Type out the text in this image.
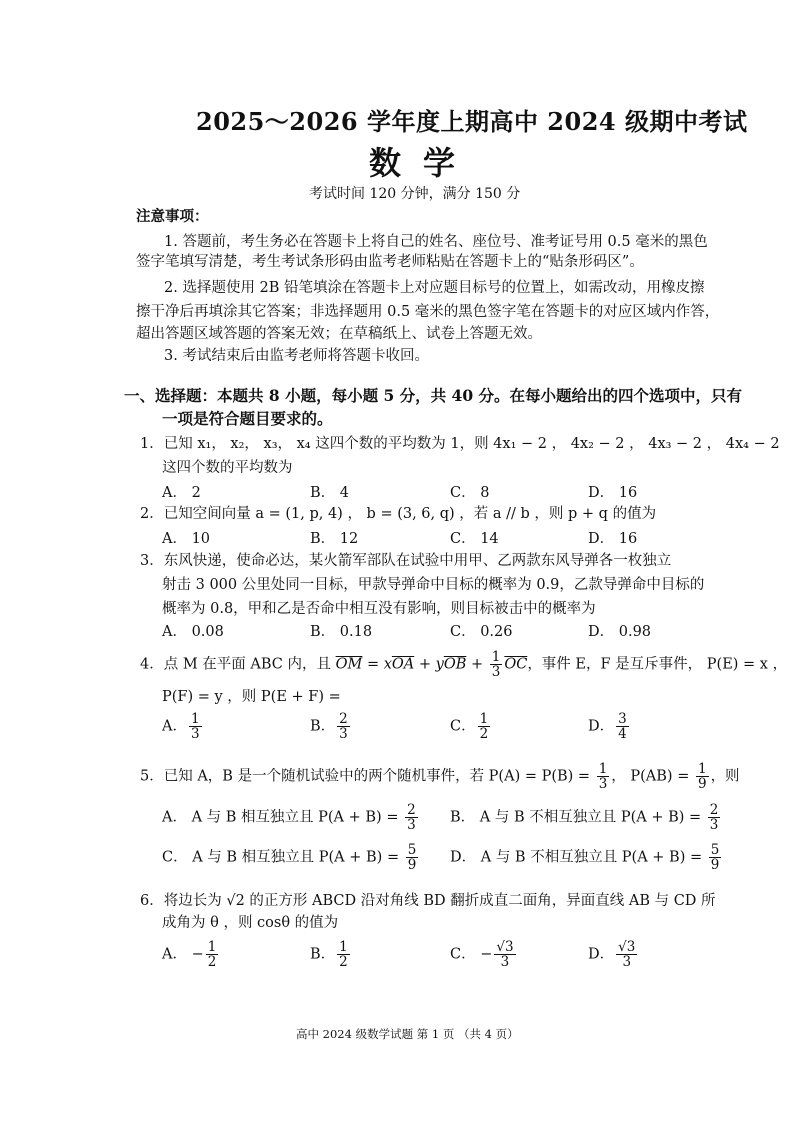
2025～2026 学年度上期高中 2024 级期中考试
数学
考试时间 120 分钟，满分 150 分
注意事项：
1. 答题前，考生务必在答题卡上将自己的姓名、座位号、准考证号用 0.5 毫米的黑色
签字笔填写清楚，考生考试条形码由监考老师粘贴在答题卡上的“贴条形码区”。
2. 选择题使用 2B 铅笔填涂在答题卡上对应题目标号的位置上，如需改动，用橡皮擦
擦干净后再填涂其它答案；非选择题用 0.5 毫米的黑色签字笔在答题卡的对应区域内作答，
超出答题区域答题的答案无效；在草稿纸上、试卷上答题无效。
3. 考试结束后由监考老师将答题卡收回。
一、选择题：本题共 8 小题，每小题 5 分，共 40 分。在每小题给出的四个选项中，只有
一项是符合题目要求的。
1．已知 x₁， x₂， x₃， x₄ 这四个数的平均数为 1，则 4x₁ − 2 ， 4x₂ − 2 ， 4x₃ − 2 ， 4x₄ − 2
这四个数的平均数为
A． 2	B． 4	C． 8	D． 16
2．已知空间向量 a = (1, p, 4) ， b = (3, 6, q) ，若 a // b ，则 p + q 的值为
A． 10	B． 12	C． 14	D． 16
3．东风快递，使命必达，某火箭军部队在试验中用甲、乙两款东风导弹各一枚独立
射击 3 000 公里处同一目标，甲款导弹命中目标的概率为 0.9，乙款导弹命中目标的
概率为 0.8，甲和乙是否命中相互没有影响，则目标被击中的概率为
A． 0.08	B． 0.18	C． 0.26	D． 0.98
4．点 M 在平面 ABC 内，且 $\overline{OM} = x\overline{OA} + y\overline{OB} + \frac{1}{3} \overline{OC}$，事件 E，F 是互斥事件， P(E) = x ，
P(F) = y ，则 P(E + F) =
A． $\frac{1}{3}$	B． $\frac{2}{3}$	C． $\frac{1}{2}$	D． $\frac{3}{4}$
5．已知 A，B 是一个随机试验中的两个随机事件，若 $P(A) = P(B) = \frac{1}{3}$ ， $P(AB) = \frac{1}{9}$ ，则
A． A 与 B 相互独立且 $P(A + B) = \frac{2}{3}$ B． A 与 B 不相互独立且 $P(A + B) = \frac{2}{3}$
C． A 与 B 相互独立且 $P(A + B) = \frac{5}{9}$ D． A 与 B 不相互独立且 $P(A + B) = \frac{5}{9}$
6．将边长为 √2 的正方形 ABCD 沿对角线 BD 翻折成直二面角，异面直线 AB 与 CD 所
成角为 θ ，则 cosθ 的值为
A． − $\frac{1}{2}$	B． $\frac{1}{2}$	C． − $\frac{√3}{3}$	D． $\frac{√3}{3}$
高中 2024 级数学试题 第 1 页 （共 4 页）
